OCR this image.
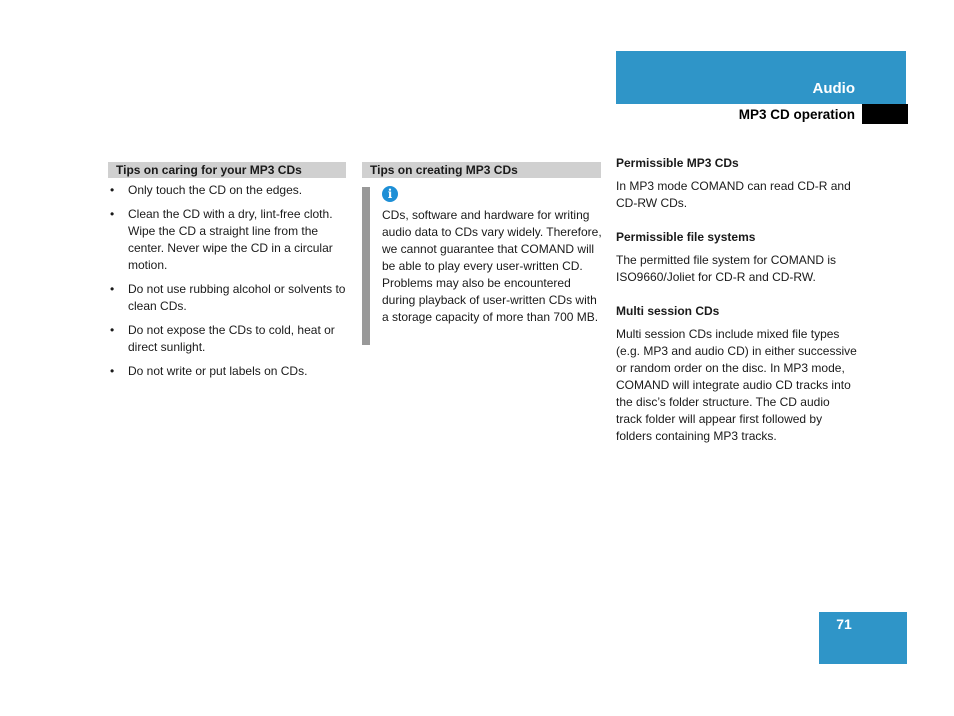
Audio
MP3 CD operation
Tips on caring for your MP3 CDs
• Only touch the CD on the edges.
• Clean the CD with a dry, lint-free cloth. Wipe the CD a straight line from the center. Never wipe the CD in a circular motion.
• Do not use rubbing alcohol or solvents to clean CDs.
• Do not expose the CDs to cold, heat or direct sunlight.
• Do not write or put labels on CDs.
Tips on creating MP3 CDs
i
CDs, software and hardware for writing audio data to CDs vary widely. Therefore, we cannot guarantee that COMAND will be able to play every user-written CD. Problems may also be encountered during playback of user-written CDs with a storage capacity of more than 700 MB.
Permissible MP3 CDs

In MP3 mode COMAND can read CD-R and CD-RW CDs.

Permissible file systems

The permitted file system for COMAND is ISO9660/Joliet for CD-R and CD-RW.

Multi session CDs

Multi session CDs include mixed file types (e.g. MP3 and audio CD) in either successive or random order on the disc. In MP3 mode, COMAND will integrate audio CD tracks into the disc’s folder structure. The CD audio track folder will appear first followed by folders containing MP3 tracks.

71
